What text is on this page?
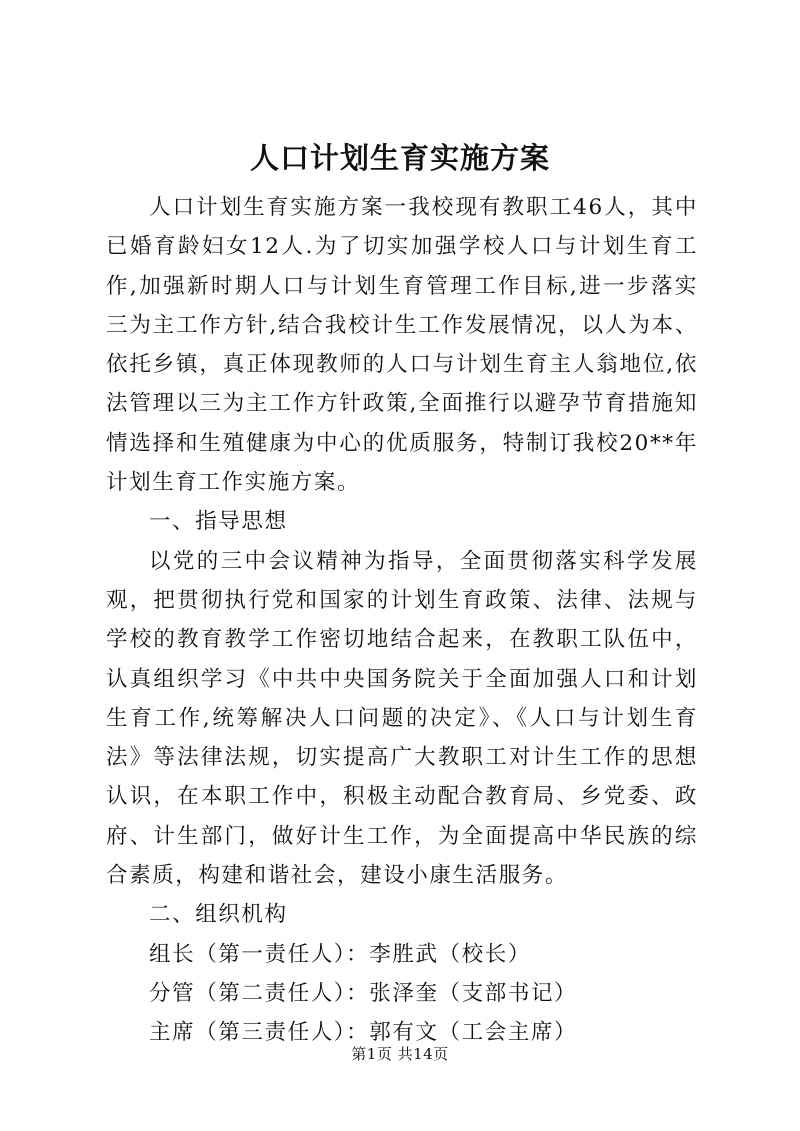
人口计划生育实施方案

人口计划生育实施方案一我校现有教职工46人，其中已婚育龄妇女12人.为了切实加强学校人口与计划生育工作,加强新时期人口与计划生育管理工作目标,进一步落实三为主工作方针,结合我校计生工作发展情况，以人为本、依托乡镇，真正体现教师的人口与计划生育主人翁地位,依法管理以三为主工作方针政策,全面推行以避孕节育措施知情选择和生殖健康为中心的优质服务，特制订我校20**年计划生育工作实施方案。

一、指导思想

以党的三中会议精神为指导，全面贯彻落实科学发展观，把贯彻执行党和国家的计划生育政策、法律、法规与学校的教育教学工作密切地结合起来，在教职工队伍中，认真组织学习《中共中央国务院关于全面加强人口和计划生育工作,统筹解决人口问题的决定》、《人口与计划生育法》等法律法规，切实提高广大教职工对计生工作的思想认识，在本职工作中，积极主动配合教育局、乡党委、政府、计生部门，做好计生工作，为全面提高中华民族的综合素质，构建和谐社会，建设小康生活服务。

二、组织机构

组长（第一责任人）：李胜武（校长）

分管（第二责任人）：张泽奎（支部书记）

主席（第三责任人）：郭有文（工会主席）

第1页 共14页
